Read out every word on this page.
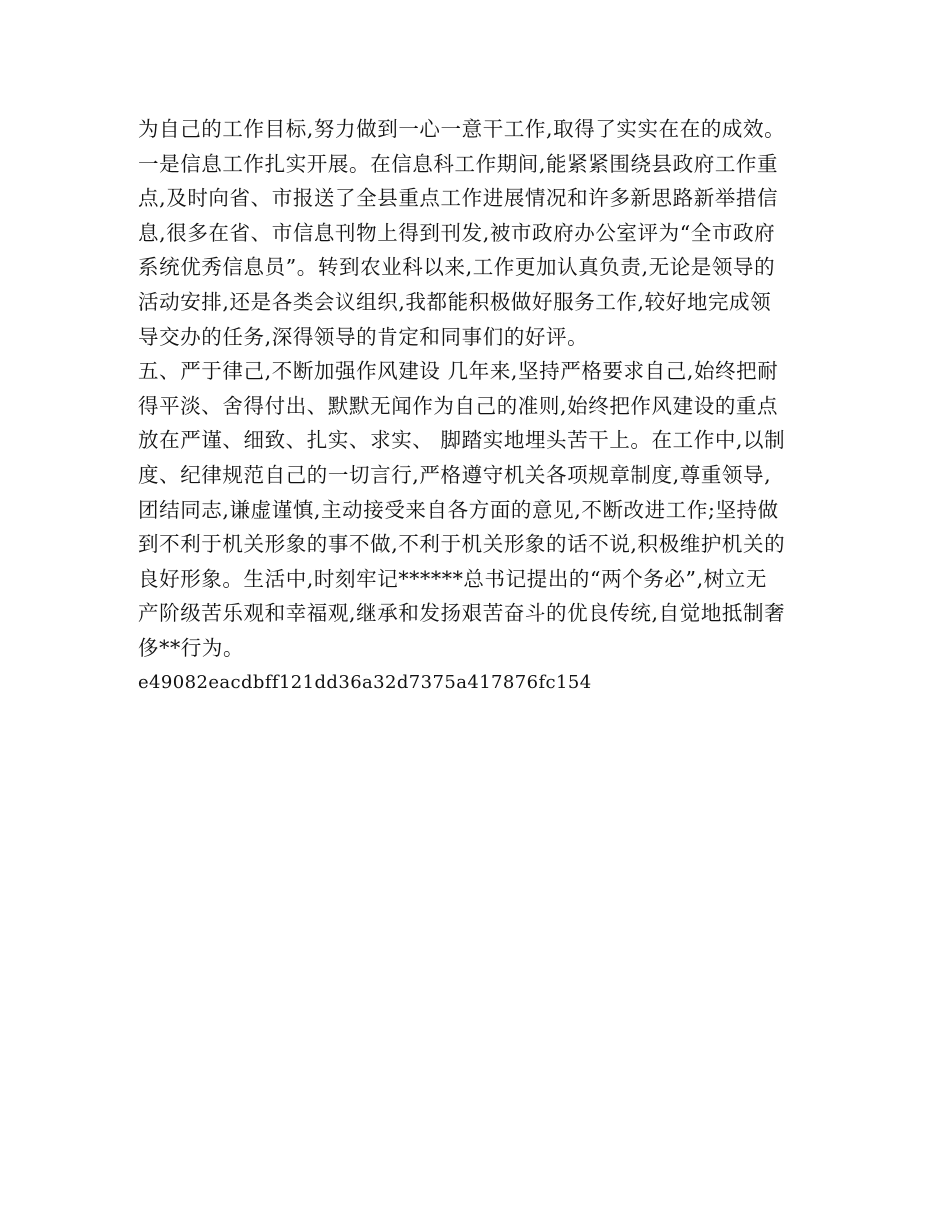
为自己的工作目标,努力做到一心一意干工作,取得了实实在在的成效。
一是信息工作扎实开展。在信息科工作期间,能紧紧围绕县政府工作重
点,及时向省、市报送了全县重点工作进展情况和许多新思路新举措信
息,很多在省、市信息刊物上得到刊发,被市政府办公室评为“全市政府
系统优秀信息员”。转到农业科以来,工作更加认真负责,无论是领导的
活动安排,还是各类会议组织,我都能积极做好服务工作,较好地完成领
导交办的任务,深得领导的肯定和同事们的好评。
五、严于律己,不断加强作风建设 几年来,坚持严格要求自己,始终把耐
得平淡、舍得付出、默默无闻作为自己的准则,始终把作风建设的重点
放在严谨、细致、扎实、求实、 脚踏实地埋头苦干上。在工作中,以制
度、纪律规范自己的一切言行,严格遵守机关各项规章制度,尊重领导,
团结同志,谦虚谨慎,主动接受来自各方面的意见,不断改进工作;坚持做
到不利于机关形象的事不做,不利于机关形象的话不说,积极维护机关的
良好形象。生活中,时刻牢记******总书记提出的“两个务必”,树立无
产阶级苦乐观和幸福观,继承和发扬艰苦奋斗的优良传统,自觉地抵制奢
侈**行为。
e49082eacdbff121dd36a32d7375a417876fc154
